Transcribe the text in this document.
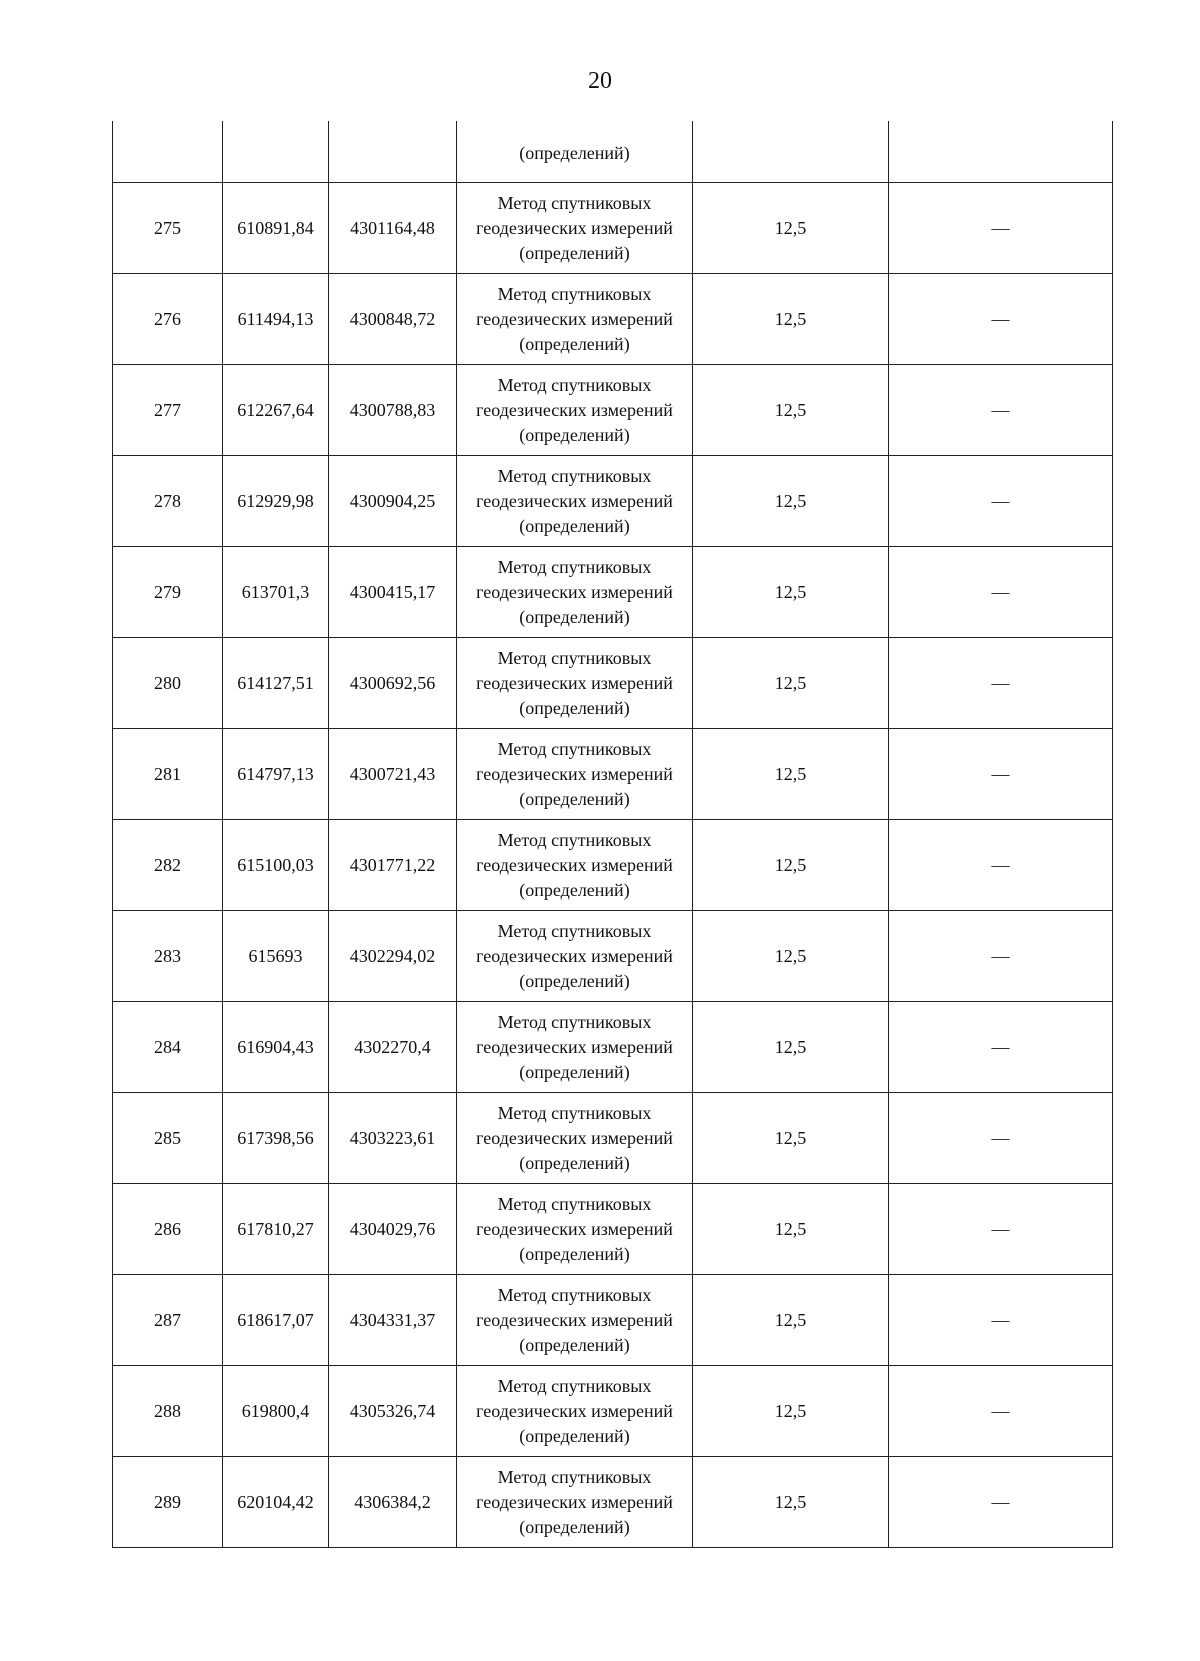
20
			(определений)		
275	610891,84	4301164,48	Метод спутниковых
геодезических измерений
(определений)	12,5	—
276	611494,13	4300848,72	Метод спутниковых
геодезических измерений
(определений)	12,5	—
277	612267,64	4300788,83	Метод спутниковых
геодезических измерений
(определений)	12,5	—
278	612929,98	4300904,25	Метод спутниковых
геодезических измерений
(определений)	12,5	—
279	613701,3	4300415,17	Метод спутниковых
геодезических измерений
(определений)	12,5	—
280	614127,51	4300692,56	Метод спутниковых
геодезических измерений
(определений)	12,5	—
281	614797,13	4300721,43	Метод спутниковых
геодезических измерений
(определений)	12,5	—
282	615100,03	4301771,22	Метод спутниковых
геодезических измерений
(определений)	12,5	—
283	615693	4302294,02	Метод спутниковых
геодезических измерений
(определений)	12,5	—
284	616904,43	4302270,4	Метод спутниковых
геодезических измерений
(определений)	12,5	—
285	617398,56	4303223,61	Метод спутниковых
геодезических измерений
(определений)	12,5	—
286	617810,27	4304029,76	Метод спутниковых
геодезических измерений
(определений)	12,5	—
287	618617,07	4304331,37	Метод спутниковых
геодезических измерений
(определений)	12,5	—
288	619800,4	4305326,74	Метод спутниковых
геодезических измерений
(определений)	12,5	—
289	620104,42	4306384,2	Метод спутниковых
геодезических измерений
(определений)	12,5	—
